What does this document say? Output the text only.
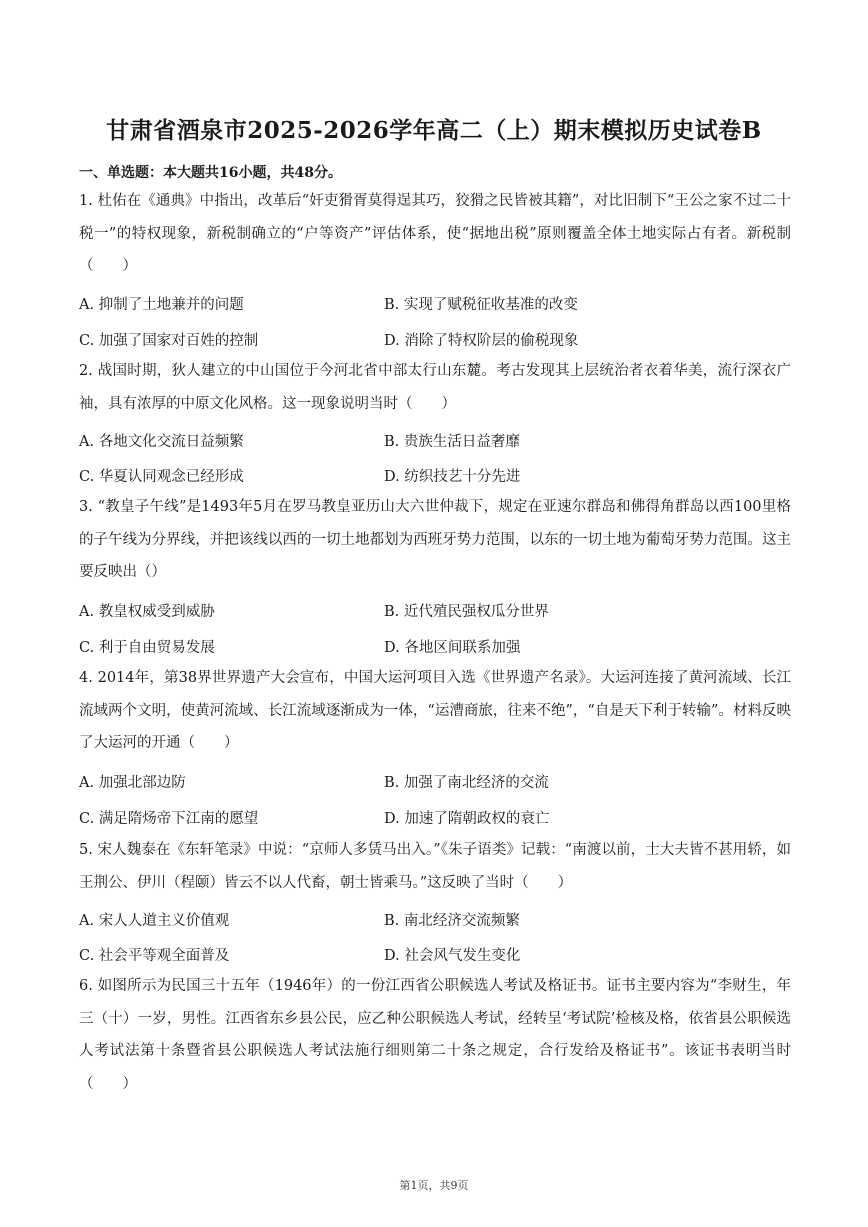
甘肃省酒泉市2025-2026学年高二（上）期末模拟历史试卷B
一、单选题：本大题共16小题，共48分。
1. 杜佑在《通典》中指出，改革后“奸吏猾胥莫得逞其巧，狡猾之民皆被其籍”，对比旧制下“王公之家不过二十税一”的特权现象，新税制确立的“户等资产”评估体系，使“据地出税”原则覆盖全体土地实际占有者。新税制（　　）
A. 抑制了土地兼并的问题	B. 实现了赋税征收基准的改变
C. 加强了国家对百姓的控制	D. 消除了特权阶层的偷税现象
2. 战国时期，狄人建立的中山国位于今河北省中部太行山东麓。考古发现其上层统治者衣着华美，流行深衣广袖，具有浓厚的中原文化风格。这一现象说明当时（　　）
A. 各地文化交流日益频繁	B. 贵族生活日益奢靡
C. 华夏认同观念已经形成	D. 纺织技艺十分先进
3. “教皇子午线”是1493年5月在罗马教皇亚历山大六世仲裁下，规定在亚速尔群岛和佛得角群岛以西100里格的子午线为分界线，并把该线以西的一切土地都划为西班牙势力范围，以东的一切土地为葡萄牙势力范围。这主要反映出（）
A. 教皇权威受到威胁	B. 近代殖民强权瓜分世界
C. 利于自由贸易发展	D. 各地区间联系加强
4. 2014年，第38界世界遗产大会宣布，中国大运河项目入选《世界遗产名录》。大运河连接了黄河流域、长江流域两个文明，使黄河流域、长江流域逐渐成为一体，“运漕商旅，往来不绝”，“自是天下利于转输”。材料反映了大运河的开通（　　）
A. 加强北部边防	B. 加强了南北经济的交流
C. 满足隋炀帝下江南的愿望	D. 加速了隋朝政权的衰亡
5. 宋人魏泰在《东轩笔录》中说：“京师人多赁马出入。”《朱子语类》记载：“南渡以前，士大夫皆不甚用轿，如王荆公、伊川（程颐）皆云不以人代畜，朝士皆乘马。”这反映了当时（　　）
A. 宋人人道主义价值观	B. 南北经济交流频繁
C. 社会平等观全面普及	D. 社会风气发生变化
6. 如图所示为民国三十五年（1946年）的一份江西省公职候选人考试及格证书。证书主要内容为“李财生，年三（十）一岁，男性。江西省东乡县公民，应乙种公职候选人考试，经转呈‘考试院’检核及格，依省县公职候选人考试法第十条暨省县公职候选人考试法施行细则第二十条之规定，合行发给及格证书”。该证书表明当时（　　）
第1页，共9页
